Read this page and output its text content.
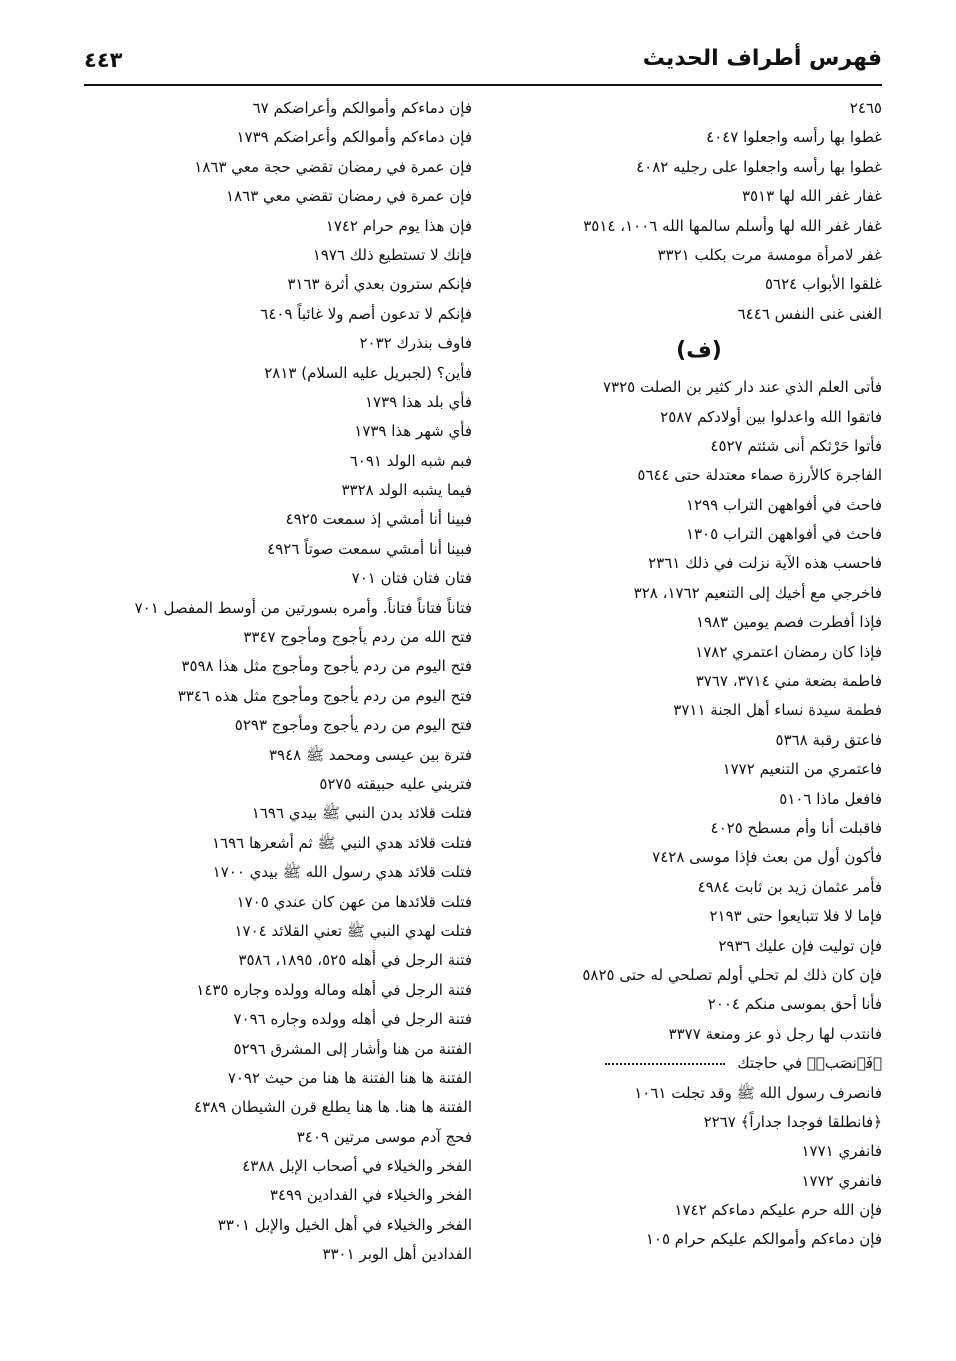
فهرس أطراف الحديث
٤٤٣
٢٤٦٥
غطوا بها رأسه واجعلوا ٤٠٤٧
غطوا بها رأسه واجعلوا على رجليه ٤٠٨٢
غفار غفر الله لها ٣٥١٣
غفار غفر الله لها وأسلم سالمها الله ١٠٠٦، ٣٥١٤
غفر لامرأة مومسة مرت بكلب ٣٣٢١
غلقوا الأبواب ٥٦٢٤
الغنى غنى النفس ٦٤٤٦
(ف)
فأتى العلم الذي عند دار كثير بن الصلت ٧٣٢٥
فاتقوا الله واعدلوا بين أولادكم ٢٥٨٧
فأتوا حَرْثكم أنى شئتم ٤٥٢٧
الفاجرة كالأرزة صماء معتدلة حتى ٥٦٤٤
فاحث في أفواههن التراب ١٢٩٩
فاحث في أفواههن التراب ١٣٠٥
فاحسب هذه الآية نزلت في ذلك ٢٣٦١
فاخرجي مع أخيك إلى التنعيم ١٧٦٢، ٣٢٨
فإذا أفطرت فصم يومين ١٩٨٣
فإذا كان رمضان اعتمري ١٧٨٢
فاطمة بضعة مني ٣٧١٤، ٣٧٦٧
فطمة سيدة نساء أهل الجنة ٣٧١١
فاعتق رقبة ٥٣٦٨
فاعتمري من التنعيم ١٧٧٢
فافعل ماذا ٥١٠٦
فاقبلت أنا وأم مسطح ٤٠٢٥
فأكون أول من بعث فإذا موسى ٧٤٢٨
فأمر عثمان زيد بن ثابت ٤٩٨٤
فإما لا فلا تتبايعوا حتى ٢١٩٣
فإن توليت فإن عليك ٢٩٣٦
فإن كان ذلك لم تحلي أولم تصلحي له حتى ٥٨٢٥
فأنا أحق بموسى منكم ٢٠٠٤
فانتدب لها رجل ذو عز ومنعة ٣٣٧٧
﴿فَٱنصَبۡ﴾ في حاجتك
فانصرف رسول الله ﷺ وقد تجلت ١٠٦١
﴿فانطلقا فوجدا جداراً﴾ ٢٢٦٧
فانفري ١٧٧١
فانفري ١٧٧٢
فإن الله حرم عليكم دماءكم ١٧٤٢
فإن دماءكم وأموالكم عليكم حرام ١٠٥
فإن دماءكم وأموالكم وأعراضكم ٦٧
فإن دماءكم وأموالكم وأعراضكم ١٧٣٩
فإن عمرة في رمضان تقضي حجة معي ١٨٦٣
فإن عمرة في رمضان تقضي معي ١٨٦٣
فإن هذا يوم حرام ١٧٤٢
فإنك لا تستطيع ذلك ١٩٧٦
فإنكم سترون بعدي أثرة ٣١٦٣
فإنكم لا تدعون أصم ولا غائباً ٦٤٠٩
فاوف بنذرك ٢٠٣٢
فأين؟ (لجبريل عليه السلام) ٢٨١٣
فأي بلد هذا ١٧٣٩
فأي شهر هذا ١٧٣٩
فبم شبه الولد ٦٠٩١
فيما يشبه الولد ٣٣٢٨
فبينا أنا أمشي إذ سمعت ٤٩٢٥
فبينا أنا أمشي سمعت صوتاً ٤٩٢٦
فتان فتان فتان ٧٠١
فتاناً فتاناً فتاناً. وأمره بسورتين من أوسط المفصل ٧٠١
فتح الله من ردم يأجوج ومأجوج ٣٣٤٧
فتح اليوم من ردم يأجوج ومأجوج مثل هذا ٣٥٩٨
فتح اليوم من ردم يأجوج ومأجوج مثل هذه ٣٣٤٦
فتح اليوم من ردم يأجوج ومأجوج ٥٢٩٣
فترة بين عيسى ومحمد ﷺ ٣٩٤٨
فتريني عليه حبيقته ٥٢٧٥
فتلت قلائد بدن النبي ﷺ بيدي ١٦٩٦
فتلت قلائد هدي النبي ﷺ ثم أشعرها ١٦٩٦
فتلت قلائد هدي رسول الله ﷺ بيدي ١٧٠٠
فتلت قلائدها من عهن كان عندي ١٧٠٥
فتلت لهدي النبي ﷺ تعني القلائد ١٧٠٤
فتنة الرجل في أهله ٥٢٥، ١٨٩٥، ٣٥٨٦
فتنة الرجل في أهله وماله وولده وجاره ١٤٣٥
فتنة الرجل في أهله وولده وجاره ٧٠٩٦
الفتنة من هنا وأشار إلى المشرق ٥٢٩٦
الفتنة ها هنا الفتنة ها هنا من حيث ٧٠٩٢
الفتنة ها هنا. ها هنا يطلع قرن الشيطان ٤٣٨٩
فحج آدم موسى مرتين ٣٤٠٩
الفخر والخيلاء في أصحاب الإبل ٤٣٨٨
الفخر والخيلاء في الفدادين ٣٤٩٩
الفخر والخيلاء في أهل الخيل والإبل ٣٣٠١
الفدادين أهل الوبر ٣٣٠١
